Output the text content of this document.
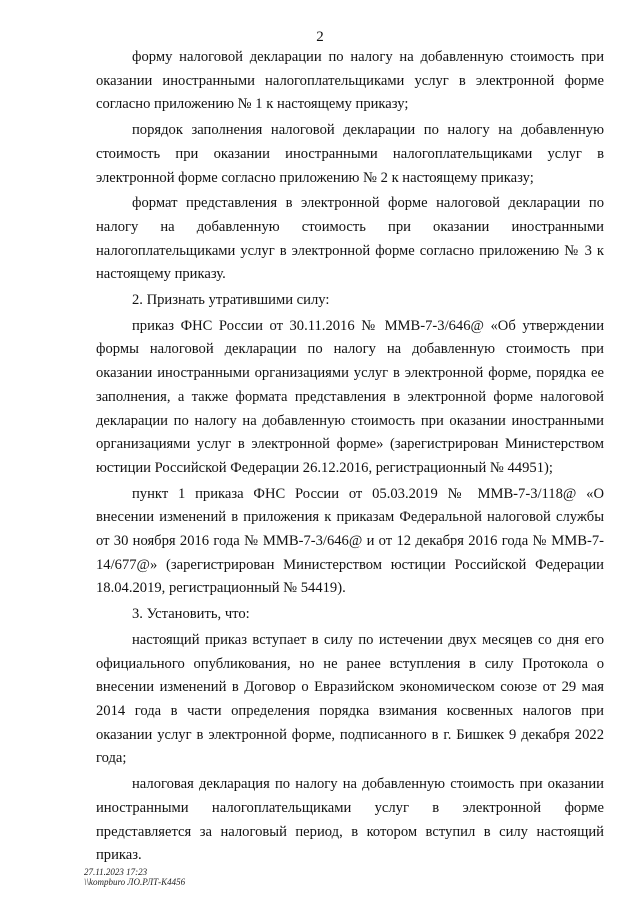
2

форму налоговой декларации по налогу на добавленную стоимость при оказании иностранными налогоплательщиками услуг в электронной форме согласно приложению № 1 к настоящему приказу;

порядок заполнения налоговой декларации по налогу на добавленную стоимость при оказании иностранными налогоплательщиками услуг в электронной форме согласно приложению № 2 к настоящему приказу;

формат представления в электронной форме налоговой декларации по налогу на добавленную стоимость при оказании иностранными налогоплательщиками услуг в электронной форме согласно приложению № 3 к настоящему приказу.

2. Признать утратившими силу:

приказ ФНС России от 30.11.2016 № ММВ-7-3/646@ «Об утверждении формы налоговой декларации по налогу на добавленную стоимость при оказании иностранными организациями услуг в электронной форме, порядка ее заполнения, а также формата представления в электронной форме налоговой декларации по налогу на добавленную стоимость при оказании иностранными организациями услуг в электронной форме» (зарегистрирован Министерством юстиции Российской Федерации 26.12.2016, регистрационный № 44951);

пункт 1 приказа ФНС России от 05.03.2019 № ММВ-7-3/118@ «О внесении изменений в приложения к приказам Федеральной налоговой службы от 30 ноября 2016 года № ММВ-7-3/646@ и от 12 декабря 2016 года № ММВ-7-14/677@» (зарегистрирован Министерством юстиции Российской Федерации 18.04.2019, регистрационный № 54419).

3. Установить, что:

настоящий приказ вступает в силу по истечении двух месяцев со дня его официального опубликования, но не ранее вступления в силу Протокола о внесении изменений в Договор о Евразийском экономическом союзе от 29 мая 2014 года в части определения порядка взимания косвенных налогов при оказании услуг в электронной форме, подписанного в г. Бишкек 9 декабря 2022 года;

налоговая декларация по налогу на добавленную стоимость при оказании иностранными налогоплательщиками услуг в электронной форме представляется за налоговый период, в котором вступил в силу настоящий приказ.

27.11.2023 17:23
\\kompburo ЛО.РЛТ-К4456
